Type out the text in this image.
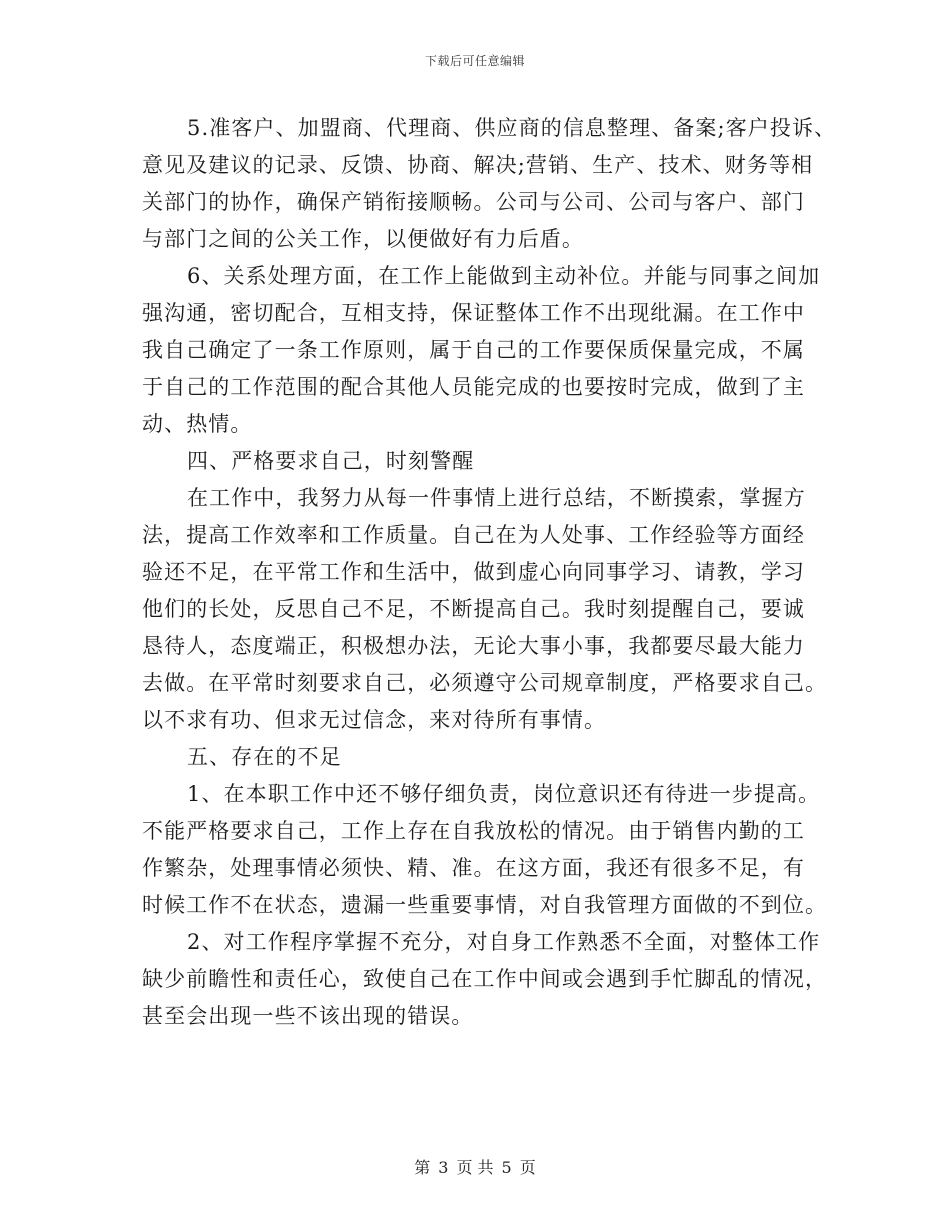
下载后可任意编辑
5.准客户、加盟商、代理商、供应商的信息整理、备案;客户投诉、
意见及建议的记录、反馈、协商、解决;营销、生产、技术、财务等相
关部门的协作，确保产销衔接顺畅。公司与公司、公司与客户、部门
与部门之间的公关工作，以便做好有力后盾。
6、关系处理方面，在工作上能做到主动补位。并能与同事之间加
强沟通，密切配合，互相支持，保证整体工作不出现纰漏。在工作中
我自己确定了一条工作原则，属于自己的工作要保质保量完成，不属
于自己的工作范围的配合其他人员能完成的也要按时完成，做到了主
动、热情。
四、严格要求自己，时刻警醒
在工作中，我努力从每一件事情上进行总结，不断摸索，掌握方
法，提高工作效率和工作质量。自己在为人处事、工作经验等方面经
验还不足，在平常工作和生活中，做到虚心向同事学习、请教，学习
他们的长处，反思自己不足，不断提高自己。我时刻提醒自己，要诚
恳待人，态度端正，积极想办法，无论大事小事，我都要尽最大能力
去做。在平常时刻要求自己，必须遵守公司规章制度，严格要求自己。
以不求有功、但求无过信念，来对待所有事情。
五、存在的不足
1、在本职工作中还不够仔细负责，岗位意识还有待进一步提高。
不能严格要求自己，工作上存在自我放松的情况。由于销售内勤的工
作繁杂，处理事情必须快、精、准。在这方面，我还有很多不足，有
时候工作不在状态，遗漏一些重要事情，对自我管理方面做的不到位。
2、对工作程序掌握不充分，对自身工作熟悉不全面，对整体工作
缺少前瞻性和责任心，致使自己在工作中间或会遇到手忙脚乱的情况，
甚至会出现一些不该出现的错误。
第 3 页 共 5 页
